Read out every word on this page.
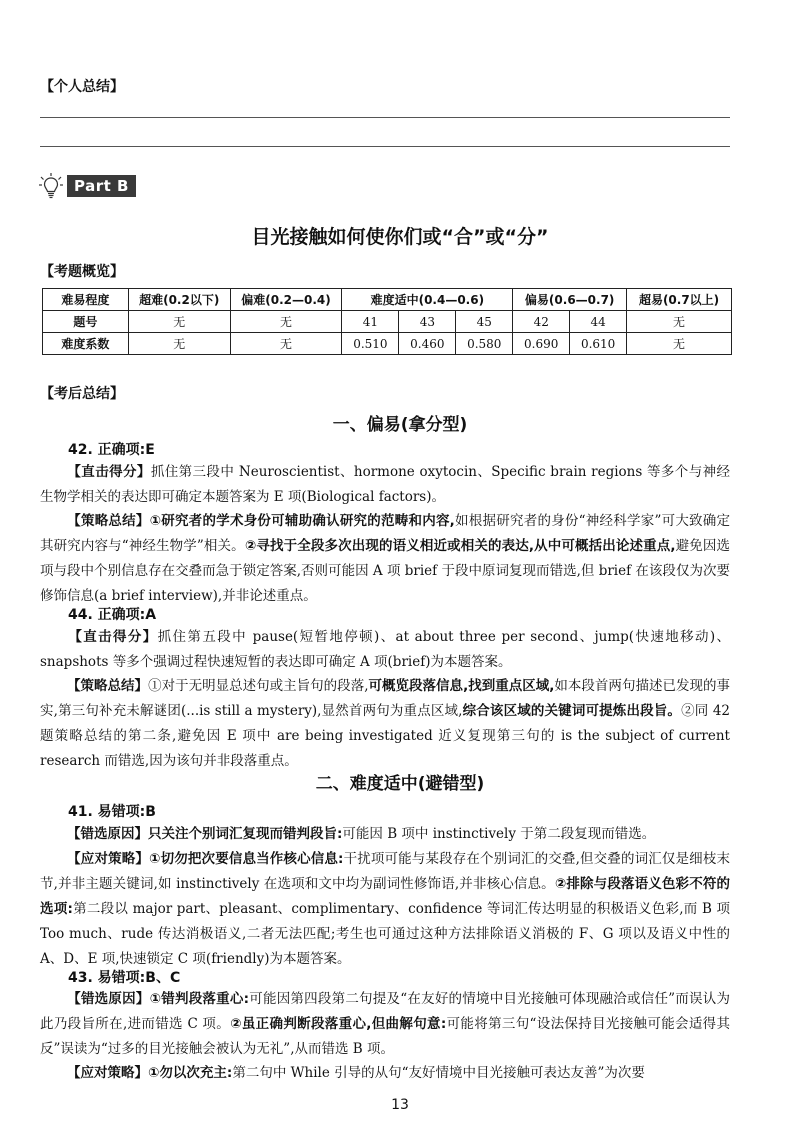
【个人总结】
Part B
目光接触如何使你们或“合”或“分”
【考题概览】
难易程度	超难(0.2以下)	偏难(0.2—0.4)	难度适中(0.4—0.6)			偏易(0.6—0.7)		超易(0.7以上)
题号	无	无	41	43	45	42	44	无
难度系数	无	无	0.510	0.460	0.580	0.690	0.610	无
【考后总结】
一、偏易(拿分型)
42. 正确项:E
【直击得分】抓住第三段中 Neuroscientist、hormone oxytocin、Specific brain regions 等多个与神经生物学相关的表达即可确定本题答案为 E 项(Biological factors)。
【策略总结】①研究者的学术身份可辅助确认研究的范畴和内容,如根据研究者的身份“神经科学家”可大致确定其研究内容与“神经生物学”相关。②寻找于全段多次出现的语义相近或相关的表达,从中可概括出论述重点,避免因选项与段中个别信息存在交叠而急于锁定答案,否则可能因 A 项 brief 于段中原词复现而错选,但 brief 在该段仅为次要修饰信息(a brief interview),并非论述重点。
44. 正确项:A
【直击得分】抓住第五段中 pause(短暂地停顿)、at about three per second、jump(快速地移动)、snapshots 等多个强调过程快速短暂的表达即可确定 A 项(brief)为本题答案。
【策略总结】①对于无明显总述句或主旨句的段落,可概览段落信息,找到重点区域,如本段首两句描述已发现的事实,第三句补充未解谜团(...is still a mystery),显然首两句为重点区域,综合该区域的关键词可提炼出段旨。②同 42 题策略总结的第二条,避免因 E 项中 are being investigated 近义复现第三句的 is the subject of current research 而错选,因为该句并非段落重点。
二、难度适中(避错型)
41. 易错项:B
【错选原因】只关注个别词汇复现而错判段旨:可能因 B 项中 instinctively 于第二段复现而错选。
【应对策略】①切勿把次要信息当作核心信息:干扰项可能与某段存在个别词汇的交叠,但交叠的词汇仅是细枝末节,并非主题关键词,如 instinctively 在选项和文中均为副词性修饰语,并非核心信息。②排除与段落语义色彩不符的选项:第二段以 major part、pleasant、complimentary、confidence 等词汇传达明显的积极语义色彩,而 B 项 Too much、rude 传达消极语义,二者无法匹配;考生也可通过这种方法排除语义消极的 F、G 项以及语义中性的 A、D、E 项,快速锁定 C 项(friendly)为本题答案。
43. 易错项:B、C
【错选原因】①错判段落重心:可能因第四段第二句提及“在友好的情境中目光接触可体现融洽或信任”而误认为此乃段旨所在,进而错选 C 项。②虽正确判断段落重心,但曲解句意:可能将第三句“设法保持目光接触可能会适得其反”误读为“过多的目光接触会被认为无礼”,从而错选 B 项。
【应对策略】①勿以次充主:第二句中 While 引导的从句“友好情境中目光接触可表达友善”为次要
13
